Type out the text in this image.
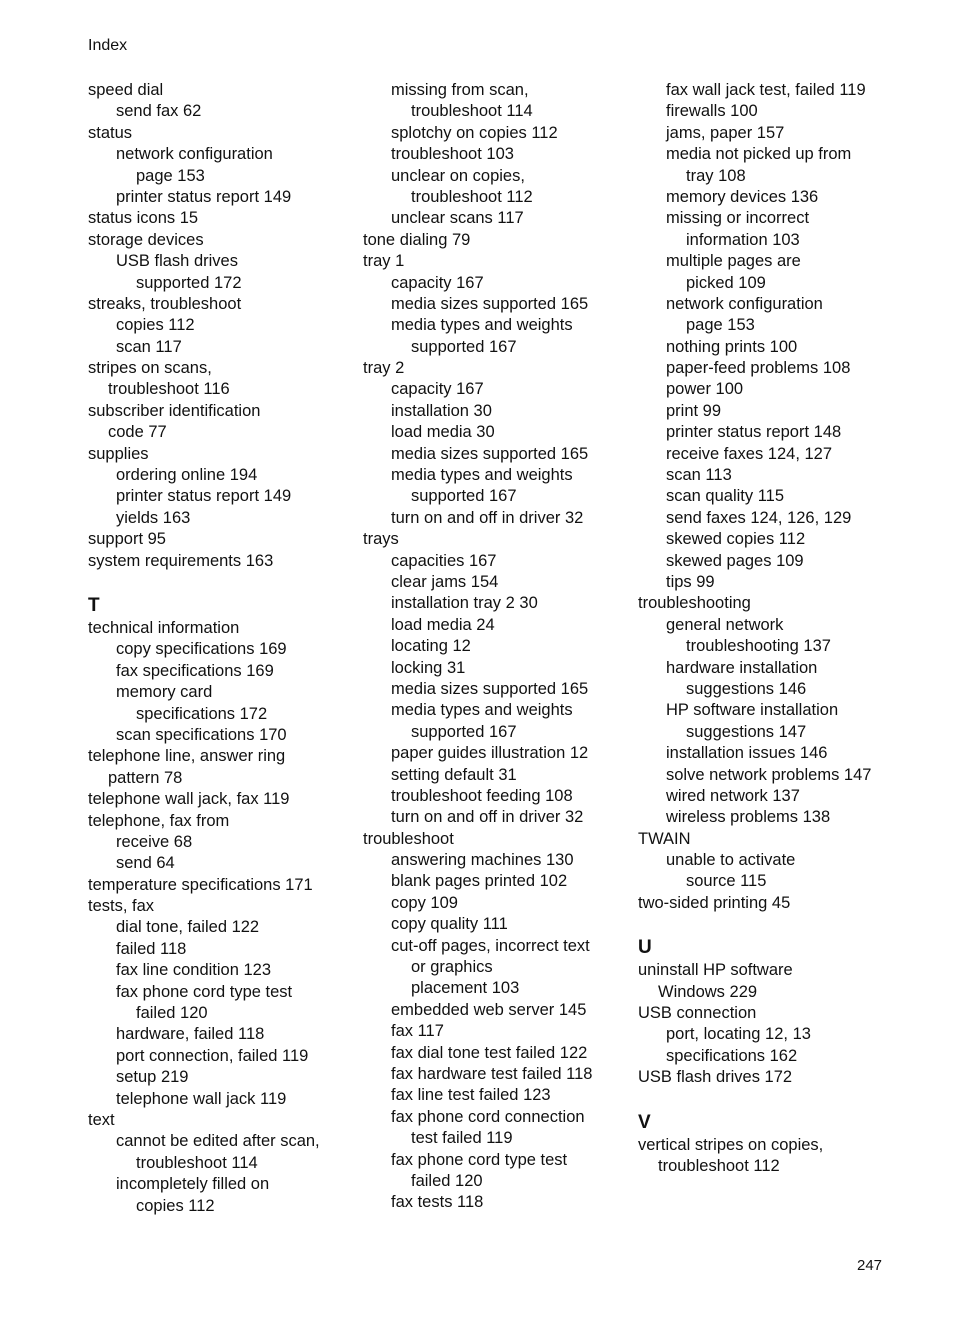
Index
speed dial
send fax 62
status
network configuration
page 153
printer status report 149
status icons 15
storage devices
USB flash drives
supported 172
streaks, troubleshoot
copies 112
scan 117
stripes on scans,
troubleshoot 116
subscriber identification
code 77
supplies
ordering online 194
printer status report 149
yields 163
support 95
system requirements 163
T
technical information
copy specifications 169
fax specifications 169
memory card
specifications 172
scan specifications 170
telephone line, answer ring
pattern 78
telephone wall jack, fax 119
telephone, fax from
receive 68
send 64
temperature specifications 171
tests, fax
dial tone, failed 122
failed 118
fax line condition 123
fax phone cord type test
failed 120
hardware, failed 118
port connection, failed 119
setup 219
telephone wall jack 119
text
cannot be edited after scan,
troubleshoot 114
incompletely filled on
copies 112
missing from scan,
troubleshoot 114
splotchy on copies 112
troubleshoot 103
unclear on copies,
troubleshoot 112
unclear scans 117
tone dialing 79
tray 1
capacity 167
media sizes supported 165
media types and weights
supported 167
tray 2
capacity 167
installation 30
load media 30
media sizes supported 165
media types and weights
supported 167
turn on and off in driver 32
trays
capacities 167
clear jams 154
installation tray 2 30
load media 24
locating 12
locking 31
media sizes supported 165
media types and weights
supported 167
paper guides illustration 12
setting default 31
troubleshoot feeding 108
turn on and off in driver 32
troubleshoot
answering machines 130
blank pages printed 102
copy 109
copy quality 111
cut-off pages, incorrect text
or graphics
placement 103
embedded web server 145
fax 117
fax dial tone test failed 122
fax hardware test failed 118
fax line test failed 123
fax phone cord connection
test failed 119
fax phone cord type test
failed 120
fax tests 118
fax wall jack test, failed 119
firewalls 100
jams, paper 157
media not picked up from
tray 108
memory devices 136
missing or incorrect
information 103
multiple pages are
picked 109
network configuration
page 153
nothing prints 100
paper-feed problems 108
power 100
print 99
printer status report 148
receive faxes 124, 127
scan 113
scan quality 115
send faxes 124, 126, 129
skewed copies 112
skewed pages 109
tips 99
troubleshooting
general network
troubleshooting 137
hardware installation
suggestions 146
HP software installation
suggestions 147
installation issues 146
solve network problems 147
wired network 137
wireless problems 138
TWAIN
unable to activate
source 115
two-sided printing 45
U
uninstall HP software
Windows 229
USB connection
port, locating 12, 13
specifications 162
USB flash drives 172
V
vertical stripes on copies,
troubleshoot 112
247
